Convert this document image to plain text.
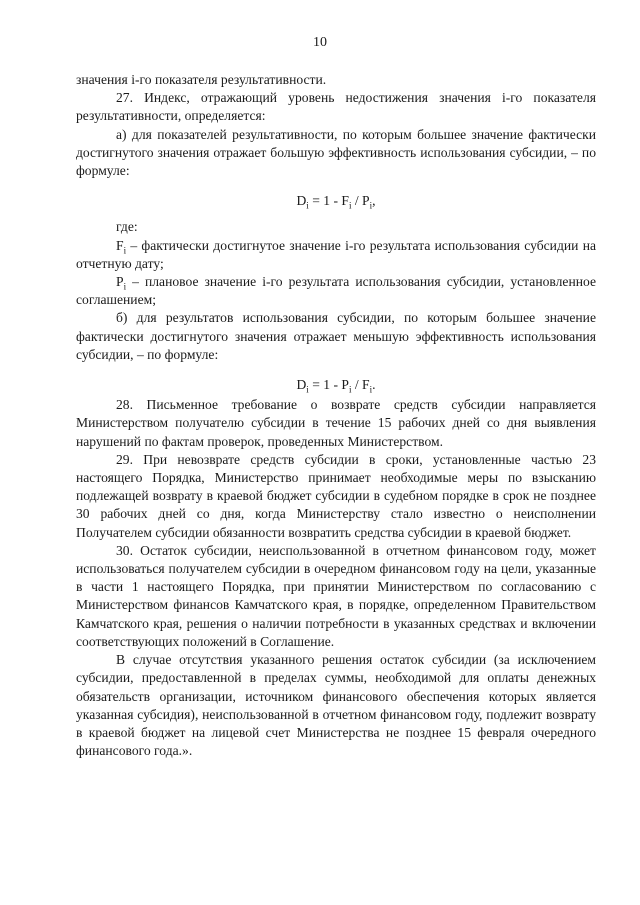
10

значения i-го показателя результативности.

27. Индекс, отражающий уровень недостижения значения i-го показателя результативности, определяется:

а) для показателей результативности, по которым большее значение фактически достигнутого значения отражает большую эффективность использования субсидии, – по формуле:

$D_i = 1 - F_i / P_i$,

где:

$F_i$ – фактически достигнутое значение i-го результата использования субсидии на отчетную дату;

$P_i$ – плановое значение i-го результата использования субсидии, установленное соглашением;

б) для результатов использования субсидии, по которым большее значение фактически достигнутого значения отражает меньшую эффективность использования субсидии, – по формуле:

$D_i = 1 - P_i / F_i$.

28. Письменное требование о возврате средств субсидии направляется Министерством получателю субсидии в течение 15 рабочих дней со дня выявления нарушений по фактам проверок, проведенных Министерством.

29. При невозврате средств субсидии в сроки, установленные частью 23 настоящего Порядка, Министерство принимает необходимые меры по взысканию подлежащей возврату в краевой бюджет субсидии в судебном порядке в срок не позднее 30 рабочих дней со дня, когда Министерству стало известно о неисполнении Получателем субсидии обязанности возвратить средства субсидии в краевой бюджет.

30. Остаток субсидии, неиспользованной в отчетном финансовом году, может использоваться получателем субсидии в очередном финансовом году на цели, указанные в части 1 настоящего Порядка, при принятии Министерством по согласованию с Министерством финансов Камчатского края, в порядке, определенном Правительством Камчатского края, решения о наличии потребности в указанных средствах и включении соответствующих положений в Соглашение.

В случае отсутствия указанного решения остаток субсидии (за исключением субсидии, предоставленной в пределах суммы, необходимой для оплаты денежных обязательств организации, источником финансового обеспечения которых является указанная субсидия), неиспользованной в отчетном финансовом году, подлежит возврату в краевой бюджет на лицевой счет Министерства не позднее 15 февраля очередного финансового года.».
